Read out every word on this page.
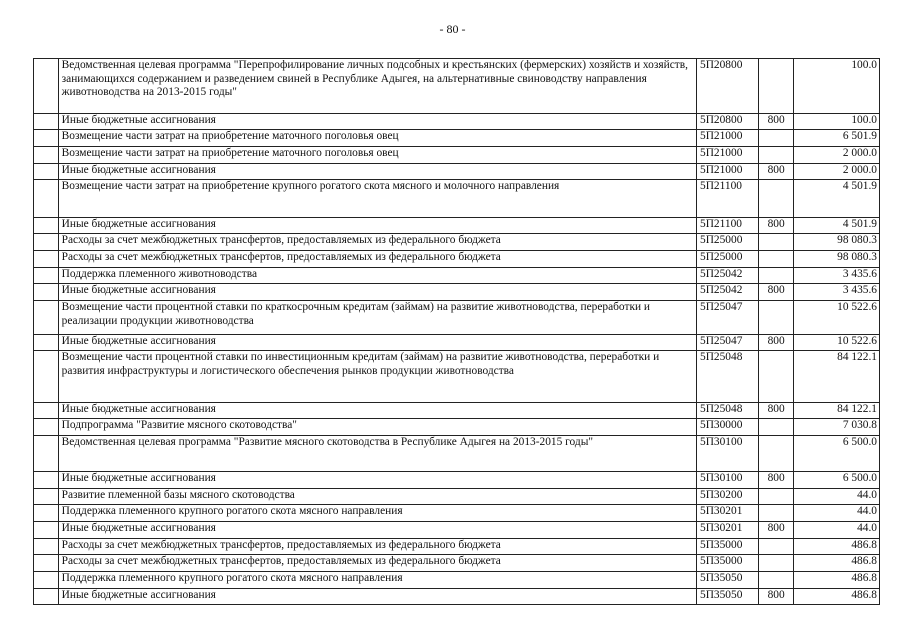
- 80 -
	Ведомственная целевая программа "Перепрофилирование личных подсобных и крестьянских (фермерских) хозяйств и хозяйств, занимающихся содержанием и разведением свиней в Республике Адыгея, на альтернативные свиноводству направления животноводства на 2013-2015 годы"	5П20800		100.0
	Иные бюджетные ассигнования	5П20800	800	100.0
	Возмещение части затрат на приобретение маточного поголовья овец	5П21000		6 501.9
	Возмещение части затрат на приобретение маточного поголовья овец	5П21000		2 000.0
	Иные бюджетные ассигнования	5П21000	800	2 000.0
	Возмещение части затрат на приобретение крупного рогатого скота мясного и молочного направления	5П21100		4 501.9
	Иные бюджетные ассигнования	5П21100	800	4 501.9
	Расходы за счет межбюджетных трансфертов, предоставляемых из федерального бюджета	5П25000		98 080.3
	Расходы за счет межбюджетных трансфертов, предоставляемых из федерального бюджета	5П25000		98 080.3
	Поддержка племенного животноводства	5П25042		3 435.6
	Иные бюджетные ассигнования	5П25042	800	3 435.6
	Возмещение части процентной ставки по краткосрочным кредитам (займам) на развитие животноводства, переработки и реализации продукции животноводства	5П25047		10 522.6
	Иные бюджетные ассигнования	5П25047	800	10 522.6
	Возмещение части процентной ставки по инвестиционным кредитам (займам) на развитие животноводства, переработки и развития инфраструктуры и логистического обеспечения рынков продукции животноводства	5П25048		84 122.1
	Иные бюджетные ассигнования	5П25048	800	84 122.1
	Подпрограмма "Развитие мясного скотоводства"	5П30000		7 030.8
	Ведомственная целевая программа "Развитие мясного скотоводства в Республике Адыгея на 2013-2015 годы"	5П30100		6 500.0
	Иные бюджетные ассигнования	5П30100	800	6 500.0
	Развитие племенной базы мясного скотоводства	5П30200		44.0
	Поддержка племенного крупного рогатого скота мясного направления	5П30201		44.0
	Иные бюджетные ассигнования	5П30201	800	44.0
	Расходы за счет межбюджетных трансфертов, предоставляемых из федерального бюджета	5П35000		486.8
	Расходы за счет межбюджетных трансфертов, предоставляемых из федерального бюджета	5П35000		486.8
	Поддержка племенного крупного рогатого скота мясного направления	5П35050		486.8
	Иные бюджетные ассигнования	5П35050	800	486.8
